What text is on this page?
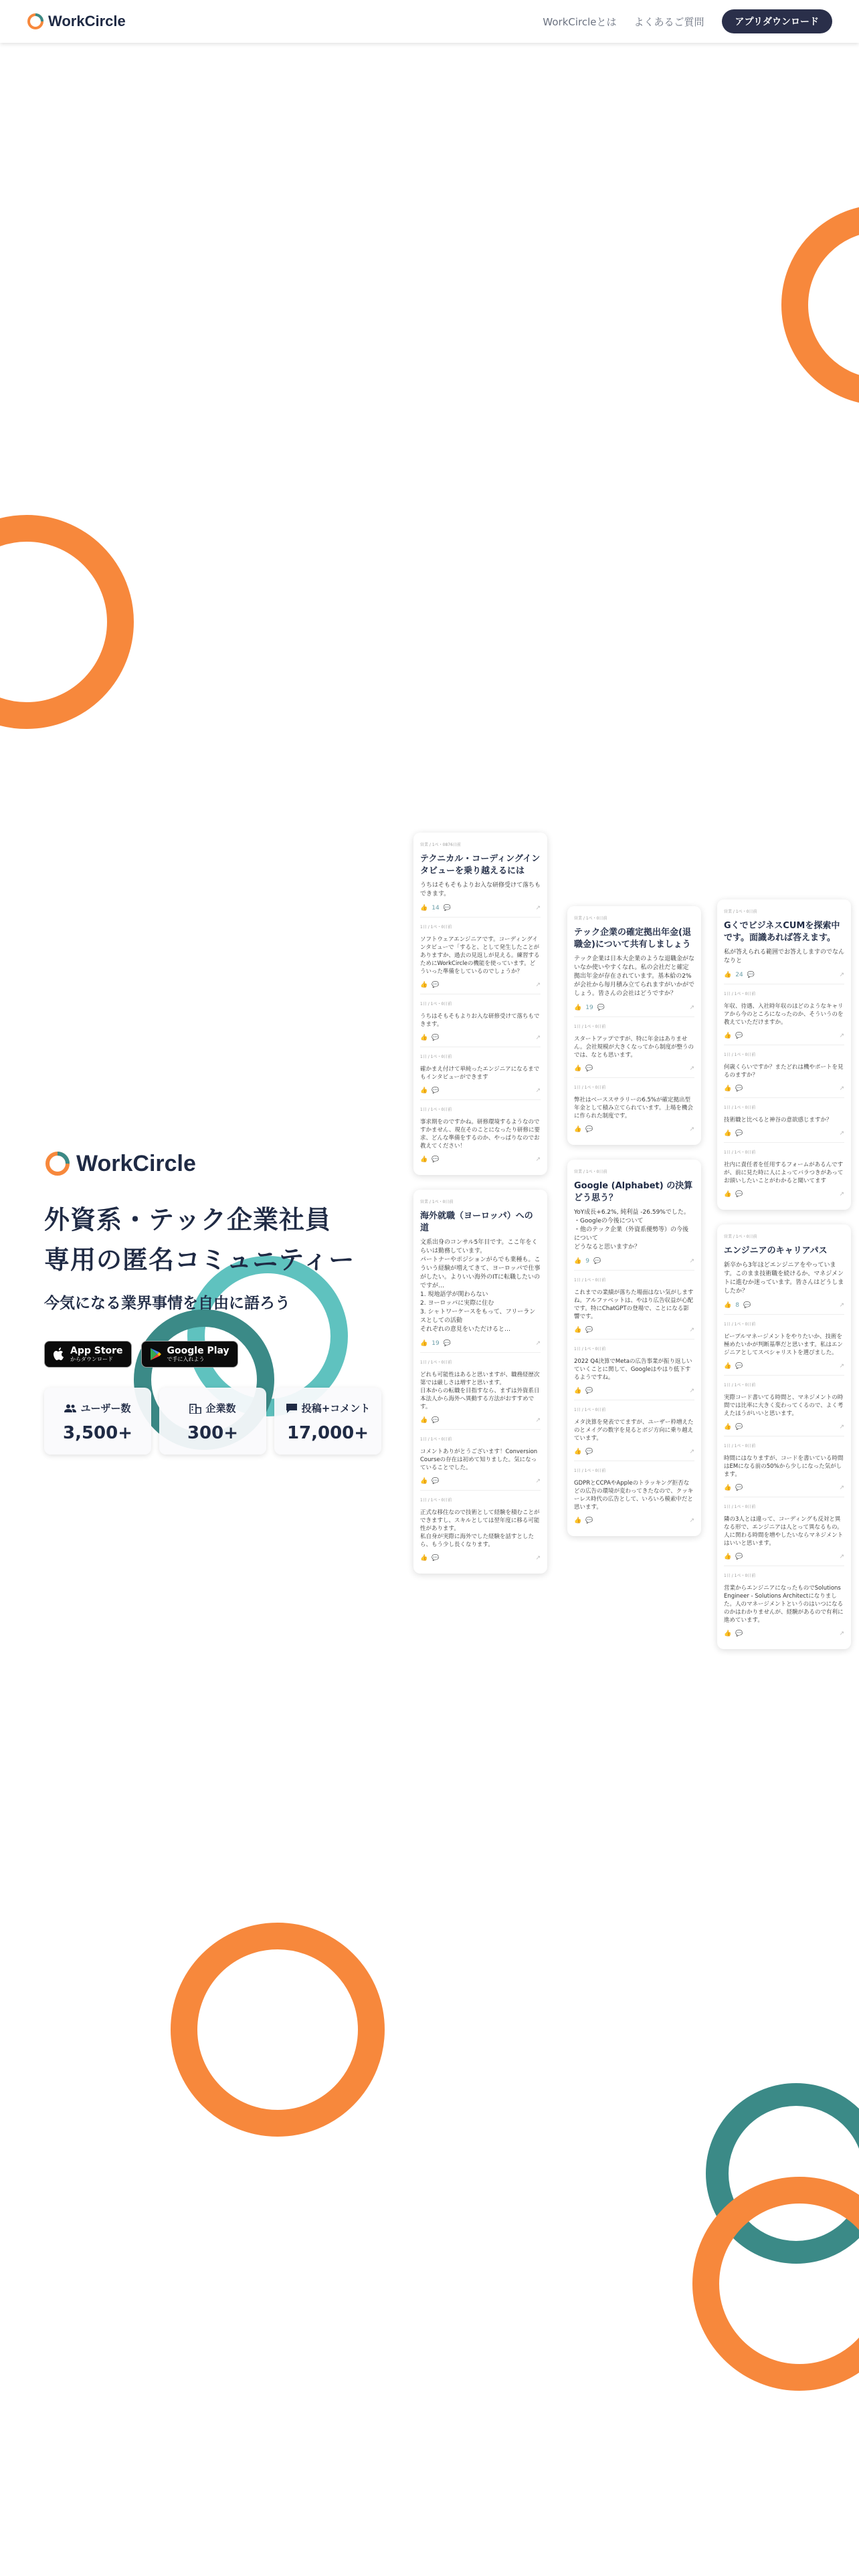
WorkCircle	WorkCircleとは よくあるご質問	アプリダウンロード
WorkCircle
外資系・テック企業社員
専用の匿名コミュニティー
今気になる業界事情を自由に語ろう
App Store
からダウンロード
Google Play
で手に入れよう
ユーザー数
3,500+
企業数
300+
投稿+コメント
17,000+
営業 / 1ぺ・0876日前
テクニカル・コーディングインタビューを乗り越えるには
うちはそもそもよりお入な研修受けて落ちもできます。
👍 14 💬	↗
1日 / 1ぺ・0日前
ソフトウェアエンジニアです。コーディングインタビューで「すると、として発生したことがありますか、過去の見返しが見える。練習するためにWorkCircleの機能を使っています。どういった準備をしているのでしょうか？
👍 💬	↗
1日 / 1ぺ・0日前
うちはそもそもよりお入な研修受けて落ちもできます。
👍 💬	↗
1日 / 1ぺ・0日前
確かまえ付けて単純ったエンジニアになるまでもインタビューができます
👍 💬	↗
1日 / 1ぺ・0日前
事求期をのですかね。研修環境するようなのですかません、現在そのことになったり研修に要求、どんな準備をするのか、やっぱりなのでお教えてください！
👍 💬	↗
営業 / 1ぺ・0日前
海外就職（ヨーロッパ）への道
文系出身のコンサル5年目です。ここ年をくらいは勤務しています。
パートナーやポジションがらでも業種も。こういう経験が増えてきて、ヨーロッパで仕事がしたい。よりいい海外のITに転職したいのですが…
1. 現地語学が関わらない
2. ヨーロッパに実際に住む
3. シャトワーケースをもって、フリーランスとしての活動
それぞれの意見をいただけると…
👍 19 💬	↗
1日 / 1ぺ・0日前
どれも可能性はあると思いますが、職務経歴次第では厳しさは増すと思います。
日本からの転職を目指すなら、まずは外資系日本法人から海外へ異動する方法がおすすめです。
👍 💬	↗
1日 / 1ぺ・0日前
コメントありがとうございます！Conversion Courseの存在は初めて知りました。気になっていることでした。
👍 💬	↗
1日 / 1ぺ・0日前
正式な移住なので技術として経験を積むことができますし、スキルとしては翌年度に移る可能性があります。
私自身が実際に海外でした経験を話すとしたら、もう少し長くなります。
👍 💬	↗
営業 / 1ぺ・0日前
テック企業の確定拠出年金(退職金)について共有しましょう
テック企業は日本大企業のような退職金がないなか使いやすくなれ。私の会社だと確定拠出年金が存在されています。基本給の2%が会社から毎月積み立てられますがいかがでしょう。皆さんの会社はどうですか？
👍 19 💬	↗
1日 / 1ぺ・0日前
スタートアップですが、特に年金はありません。会社規模が大きくなってから制度が整うのでは、なとも思います。
👍 💬	↗
1日 / 1ぺ・0日前
弊社はベーススサラリーの6.5%が確定拠出型年金として積み立てられています。上場を機会に作られた制度です。
👍 💬	↗
営業 / 1ぺ・0日前
Google (Alphabet) の決算どう思う？
YoY成長+6.2%, 純利益 -26.59%でした。
・Googleの今後について
・他のテック企業（外資系優勢等）の今後について
どうなると思いますか？
👍 9 💬	↗
1日 / 1ぺ・0日前
これまでの業績が落ちた場面はない気がしますね。アルファベットは、やはり広告収益が心配です。特にChatGPTの登場で、ことになる影響です。
👍 💬	↗
1日 / 1ぺ・0日前
2022 Q4決算でMetaの広告事業が振り返しいていくことに関して、Googleはやはり低下するようですね。
👍 💬	↗
1日 / 1ぺ・0日前
メタ決算を発表でてますが、ユーザー枠増えたのとメイグの数字を見るとボジ方向に乗り越えています。
👍 💬	↗
1日 / 1ぺ・0日前
GDPRとCCPAやAppleのトラッキング拒否などの広告の環境が変わってきたなので、クッキーレス時代の広告として、いろいろ模索中だと思います。
👍 💬	↗
営業 / 1ぺ・0日前
GくでビジネスCUMを探索中です。面識あれば答えます。
私が答えられる範囲でお答えしますのでなんなりと
👍 24 💬	↗
1日 / 1ぺ・0日前
年収、待遇、入社時年収のほどのようなキャリアから今のところになったのか、そういうのを教えていただけますか。
👍 💬	↗
1日 / 1ぺ・0日前
何歳くらいですか？またどれは機やポートを見るのますか？
👍 💬	↗
1日 / 1ぺ・0日前
技術職と比べると神谷の意欲感じますか？
👍 💬	↗
1日 / 1ぺ・0日前
社内に責任者を任用するフォームがあるんですが、前に見た時に人によってバラつきがあってお頭いしたいことがわかると聞いてます
👍 💬	↗
営業 / 1ぺ・0日前
エンジニアのキャリアパス
新卒から3年ほどエンジニアをやっています。このまま技術職を続けるか、マネジメントに進むか迷っています。皆さんはどうしましたか？
👍 8 💬	↗
1日 / 1ぺ・0日前
ピープルマネージメントをやりたいか、技術を極めたいかが判断基準だと思います。私はエンジニアとしてスペシャリストを選びました。
👍 💬	↗
1日 / 1ぺ・0日前
実際コード書いてる時間と、マネジメントの時間では比率に大きく変わってくるので、よく考えたほうがいいと思います。
👍 💬	↗
1日 / 1ぺ・0日前
時間にはなりますが、コードを書いている時間はEMになる前の50%から少しになった気がします。
👍 💬	↗
1日 / 1ぺ・0日前
隣の3人とは違って、コーディングも反対と異なる形で、エンジニアは人とって異なるもの。人に関わる時間を増やしたいならマネジメントはいいと思います。
👍 💬	↗
1日 / 1ぺ・0日前
営業からエンジニアになったものでSolutions Engineer - Solutions Architectになりました。人のマネージメントというのはいつになるのかはわかりませんが、経験があるので有利に進めています。
👍 💬	↗
